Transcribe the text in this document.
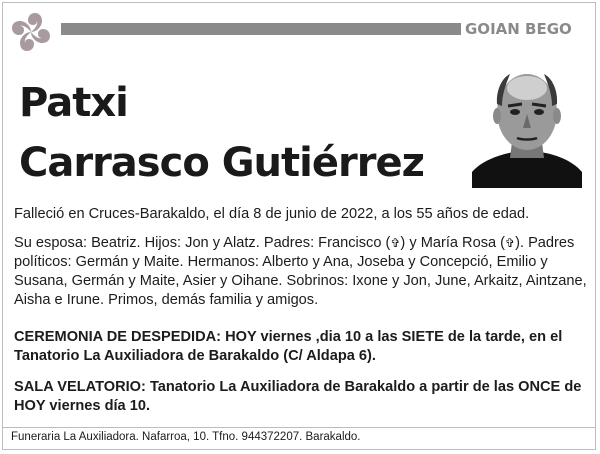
GOIAN BEGO
Patxi
Carrasco Gutiérrez

Falleció en Cruces-Barakaldo, el día 8 de junio de 2022, a los 55 años de edad.

Su esposa: Beatriz. Hijos: Jon y Alatz. Padres: Francisco (✞) y María Rosa (✞). Padres políticos: Germán y Maite. Hermanos: Alberto y Ana, Joseba y Concepció, Emilio y Susana, Germán y Maite, Asier y Oihane. Sobrinos: Ixone y Jon, June, Arkaitz, Aintzane, Aisha e Irune. Primos, demás familia y amigos.

CEREMONIA DE DESPEDIDA: HOY viernes ,dia 10 a las SIETE de la tarde, en el Tanatorio La Auxiliadora de Barakaldo (C/ Aldapa 6).

SALA VELATORIO: Tanatorio La Auxiliadora de Barakaldo a partir de las ONCE de HOY viernes día 10.

Funeraria La Auxiliadora. Nafarroa, 10. Tfno. 944372207. Barakaldo.
